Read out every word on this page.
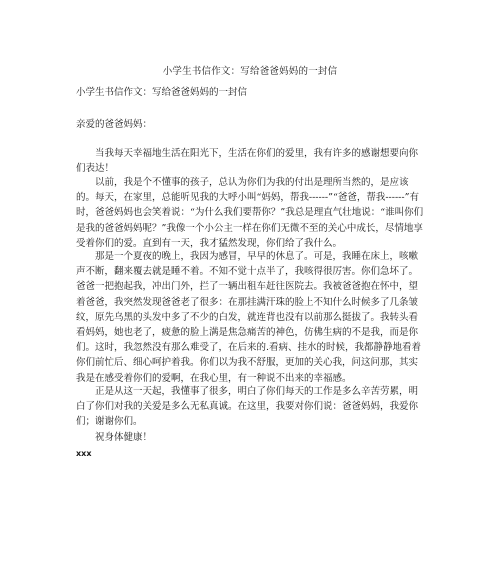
小学生书信作文：写给爸爸妈妈的一封信
小学生书信作文：写给爸爸妈妈的一封信
亲爱的爸爸妈妈：

当我每天幸福地生活在阳光下，生活在你们的爱里，我有许多的感谢想要向你们表达！

以前，我是个不懂事的孩子，总认为你们为我的付出是理所当然的，是应该的。每天，在家里，总能听见我的大呼小叫“妈妈，帮我------”“爸爸，帮我------”有时，爸爸妈妈也会笑着说：“为什么我们要帮你？”我总是理直气壮地说：“谁叫你们是我的爸爸妈妈呢？”我像一个小公主一样在你们无微不至的关心中成长，尽情地享受着你们的爱。直到有一天，我才猛然发现，你们给了我什么。

那是一个夏夜的晚上，我因为感冒，早早的休息了。可是，我睡在床上，咳嗽声不断，翻来覆去就是睡不着。不知不觉十点半了，我咳得很厉害。你们急坏了。爸爸一把抱起我，冲出门外，拦了一辆出租车赶往医院去。我被爸爸抱在怀中，望着爸爸，我突然发现爸爸老了很多：在那挂满汗珠的脸上不知什么时候多了几条皱纹，原先乌黑的头发中多了不少的白发，就连背也没有以前那么挺拔了。我转头看看妈妈，她也老了，疲惫的脸上满是焦急痛苦的神色，仿佛生病的不是我，而是你们。这时，我忽然没有那么难受了，在后来的.看病、挂水的时候，我都静静地看着你们前忙后、细心呵护着我。你们以为我不舒服，更加的关心我，问这问那，其实我是在感受着你们的爱啊，在我心里，有一种说不出来的幸福感。

正是从这一天起，我懂事了很多，明白了你们每天的工作是多么辛苦劳累，明白了你们对我的关爱是多么无私真诚。在这里，我要对你们说：爸爸妈妈，我爱你们；谢谢你们。

祝身体健康！
xxx
